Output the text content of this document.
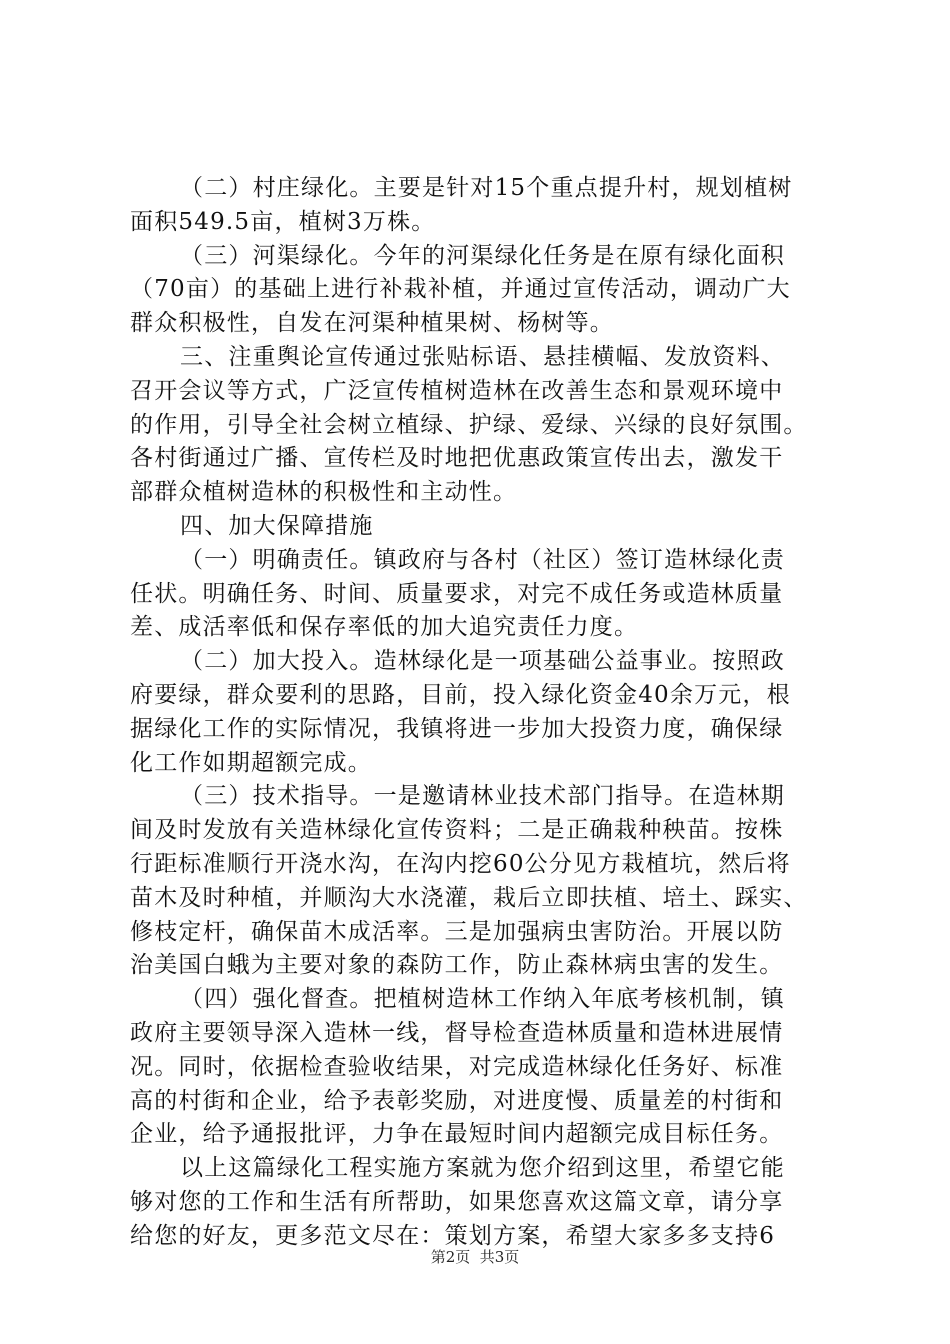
（二）村庄绿化。主要是针对15个重点提升村，规划植树
面积549.5亩，植树3万株。
（三）河渠绿化。今年的河渠绿化任务是在原有绿化面积
（70亩）的基础上进行补栽补植，并通过宣传活动，调动广大
群众积极性，自发在河渠种植果树、杨树等。
三、注重舆论宣传通过张贴标语、悬挂横幅、发放资料、
召开会议等方式，广泛宣传植树造林在改善生态和景观环境中
的作用，引导全社会树立植绿、护绿、爱绿、兴绿的良好氛围。
各村街通过广播、宣传栏及时地把优惠政策宣传出去，激发干
部群众植树造林的积极性和主动性。
四、加大保障措施
（一）明确责任。镇政府与各村（社区）签订造林绿化责
任状。明确任务、时间、质量要求，对完不成任务或造林质量
差、成活率低和保存率低的加大追究责任力度。
（二）加大投入。造林绿化是一项基础公益事业。按照政
府要绿，群众要利的思路，目前，投入绿化资金40余万元，根
据绿化工作的实际情况，我镇将进一步加大投资力度，确保绿
化工作如期超额完成。
（三）技术指导。一是邀请林业技术部门指导。在造林期
间及时发放有关造林绿化宣传资料；二是正确栽种秧苗。按株
行距标准顺行开浇水沟，在沟内挖60公分见方栽植坑，然后将
苗木及时种植，并顺沟大水浇灌，栽后立即扶植、培土、踩实、
修枝定杆，确保苗木成活率。三是加强病虫害防治。开展以防
治美国白蛾为主要对象的森防工作，防止森林病虫害的发生。
（四）强化督查。把植树造林工作纳入年底考核机制，镇
政府主要领导深入造林一线，督导检查造林质量和造林进展情
况。同时，依据检查验收结果，对完成造林绿化任务好、标准
高的村街和企业，给予表彰奖励，对进度慢、质量差的村街和
企业，给予通报批评，力争在最短时间内超额完成目标任务。
以上这篇绿化工程实施方案就为您介绍到这里，希望它能
够对您的工作和生活有所帮助，如果您喜欢这篇文章，请分享
给您的好友，更多范文尽在：策划方案，希望大家多多支持6
第2页  共3页
